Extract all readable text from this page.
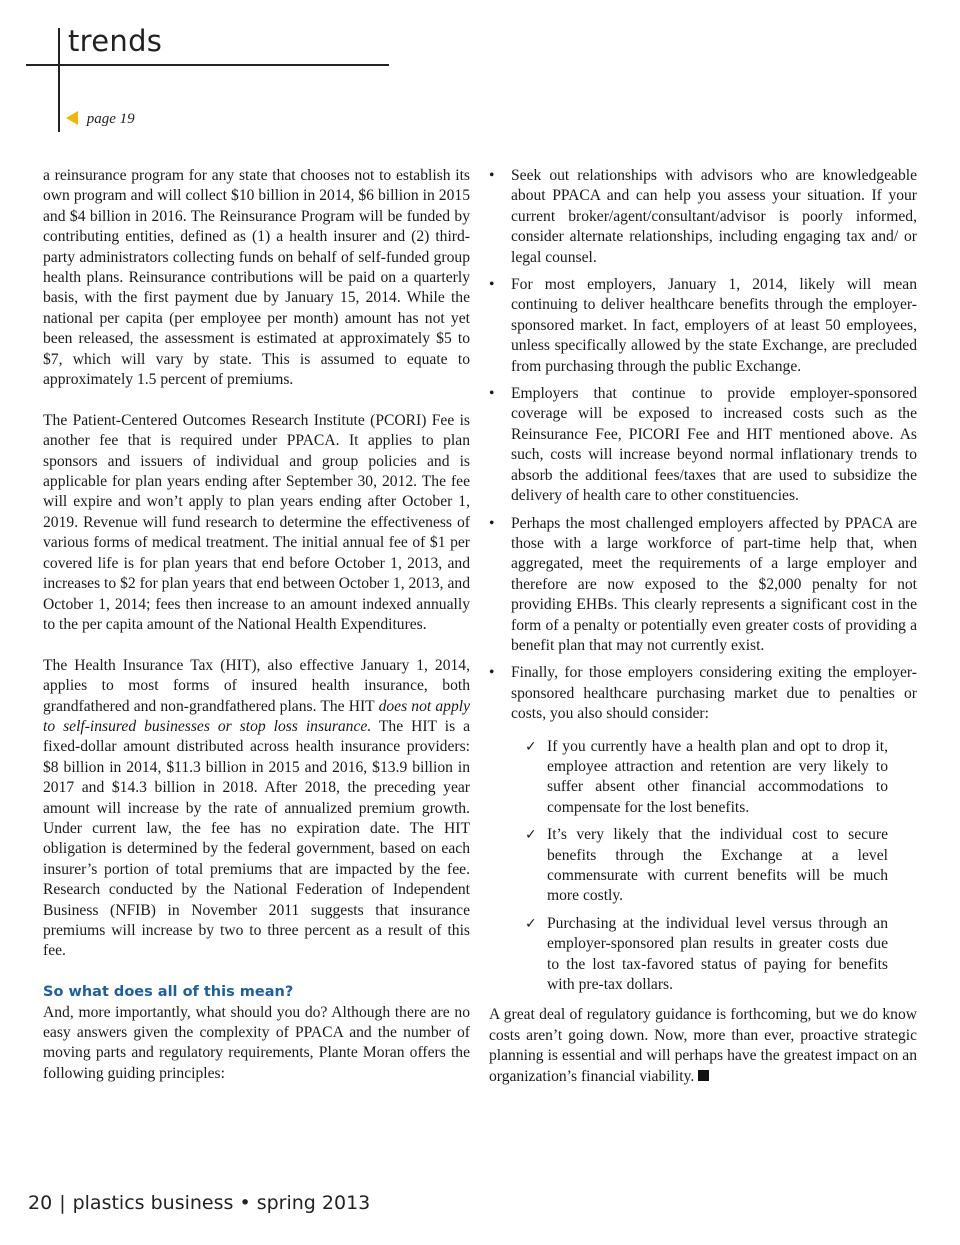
trends
page 19

a reinsurance program for any state that chooses not to establish its own program and will collect $10 billion in 2014, $6 billion in 2015 and $4 billion in 2016. The Reinsurance Program will be funded by contributing entities, defined as (1) a health insurer and (2) third-party administrators collecting funds on behalf of self-funded group health plans. Reinsurance contributions will be paid on a quarterly basis, with the first payment due by January 15, 2014. While the national per capita (per employee per month) amount has not yet been released, the assessment is estimated at approximately $5 to $7, which will vary by state. This is assumed to equate to approximately 1.5 percent of premiums.

The Patient-Centered Outcomes Research Institute (PCORI) Fee is another fee that is required under PPACA. It applies to plan sponsors and issuers of individual and group policies and is applicable for plan years ending after September 30, 2012. The fee will expire and won’t apply to plan years ending after October 1, 2019. Revenue will fund research to determine the effectiveness of various forms of medical treatment. The initial annual fee of $1 per covered life is for plan years that end before October 1, 2013, and increases to $2 for plan years that end between October 1, 2013, and October 1, 2014; fees then increase to an amount indexed annually to the per capita amount of the National Health Expenditures.

The Health Insurance Tax (HIT), also effective January 1, 2014, applies to most forms of insured health insurance, both grandfathered and non-grandfathered plans. The HIT does not apply to self-insured businesses or stop loss insurance. The HIT is a fixed-dollar amount distributed across health insurance providers: $8 billion in 2014, $11.3 billion in 2015 and 2016, $13.9 billion in 2017 and $14.3 billion in 2018. After 2018, the preceding year amount will increase by the rate of annualized premium growth. Under current law, the fee has no expiration date. The HIT obligation is determined by the federal government, based on each insurer’s portion of total premiums that are impacted by the fee. Research conducted by the National Federation of Independent Business (NFIB) in November 2011 suggests that insurance premiums will increase by two to three percent as a result of this fee.

So what does all of this mean?

And, more importantly, what should you do? Although there are no easy answers given the complexity of PPACA and the number of moving parts and regulatory requirements, Plante Moran offers the following guiding principles:

• Seek out relationships with advisors who are knowledgeable about PPACA and can help you assess your situation. If your current broker/agent/consultant/advisor is poorly informed, consider alternate relationships, including engaging tax and/ or legal counsel.
• For most employers, January 1, 2014, likely will mean continuing to deliver healthcare benefits through the employer-sponsored market. In fact, employers of at least 50 employees, unless specifically allowed by the state Exchange, are precluded from purchasing through the public Exchange.
• Employers that continue to provide employer-sponsored coverage will be exposed to increased costs such as the Reinsurance Fee, PICORI Fee and HIT mentioned above. As such, costs will increase beyond normal inflationary trends to absorb the additional fees/taxes that are used to subsidize the delivery of health care to other constituencies.
• Perhaps the most challenged employers affected by PPACA are those with a large workforce of part-time help that, when aggregated, meet the requirements of a large employer and therefore are now exposed to the $2,000 penalty for not providing EHBs. This clearly represents a significant cost in the form of a penalty or potentially even greater costs of providing a benefit plan that may not currently exist.
• Finally, for those employers considering exiting the employer-sponsored healthcare purchasing market due to penalties or costs, you also should consider:
✓ If you currently have a health plan and opt to drop it, employee attraction and retention are very likely to suffer absent other financial accommodations to compensate for the lost benefits.
✓ It’s very likely that the individual cost to secure benefits through the Exchange at a level commensurate with current benefits will be much more costly.
✓ Purchasing at the individual level versus through an employer-sponsored plan results in greater costs due to the lost tax-favored status of paying for benefits with pre-tax dollars.

A great deal of regulatory guidance is forthcoming, but we do know costs aren’t going down. Now, more than ever, proactive strategic planning is essential and will perhaps have the greatest impact on an organization’s financial viability.

20 | plastics business • spring 2013
